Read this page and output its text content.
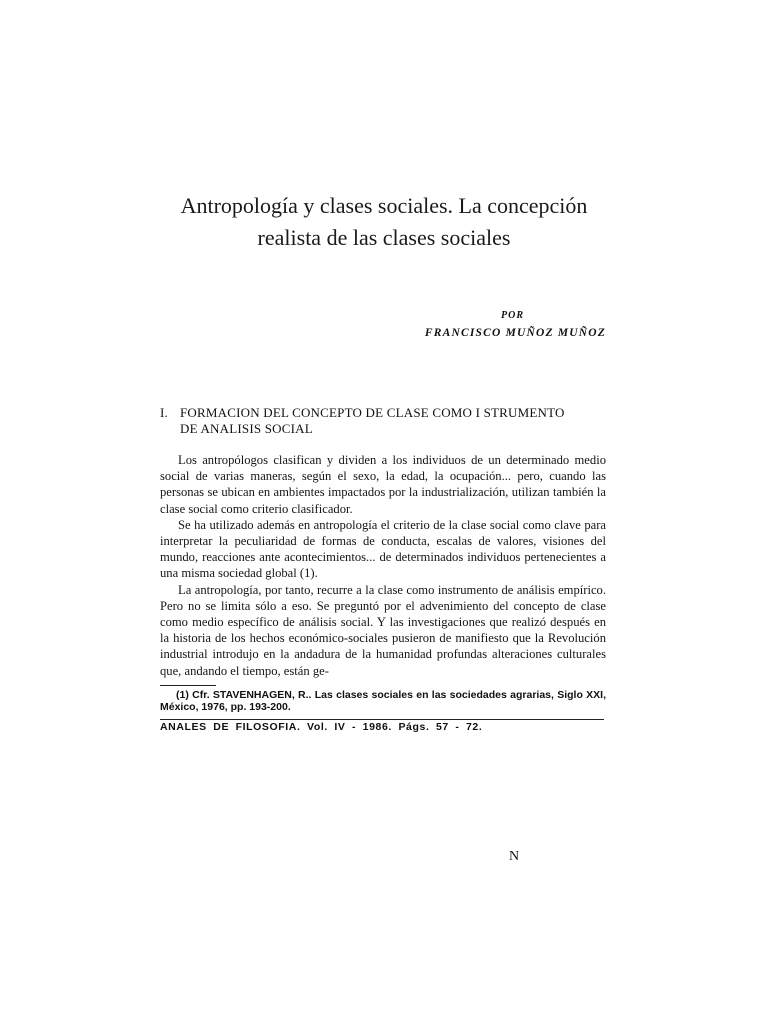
Antropología y clases sociales. La concepción
realista de las clases sociales
POR
FRANCISCO MUÑOZ MUÑOZ
I. FORMACION DEL CONCEPTO DE CLASE COMO I STRUMENTO
DE ANALISIS SOCIAL

Los antropólogos clasifican y dividen a los individuos de un determinado medio social de varias maneras, según el sexo, la edad, la ocupación... pero, cuando las personas se ubican en ambientes impactados por la industrialización, utilizan también la clase social como criterio clasificador.

Se ha utilizado además en antropología el criterio de la clase social como clave para interpretar la peculiaridad de formas de conducta, escalas de valores, visiones del mundo, reacciones ante acontecimientos... de determinados individuos pertenecientes a una misma sociedad global (1).

La antropología, por tanto, recurre a la clase como instrumento de análisis empírico. Pero no se limita sólo a eso. Se preguntó por el advenimiento del concepto de clase como medio específico de análisis social. Y las investigaciones que realizó después en la historia de los hechos económico-sociales pusieron de manifiesto que la Revolución industrial introdujo en la andadura de la humanidad profundas alteraciones culturales que, andando el tiempo, están ge-

(1) Cfr. STAVENHAGEN, R.. Las clases sociales en las sociedades agrarias, Siglo XXI, México, 1976, pp. 193-200.
ANALES DE FILOSOFIA. Vol. IV - 1986. Págs. 57 - 72.
N
